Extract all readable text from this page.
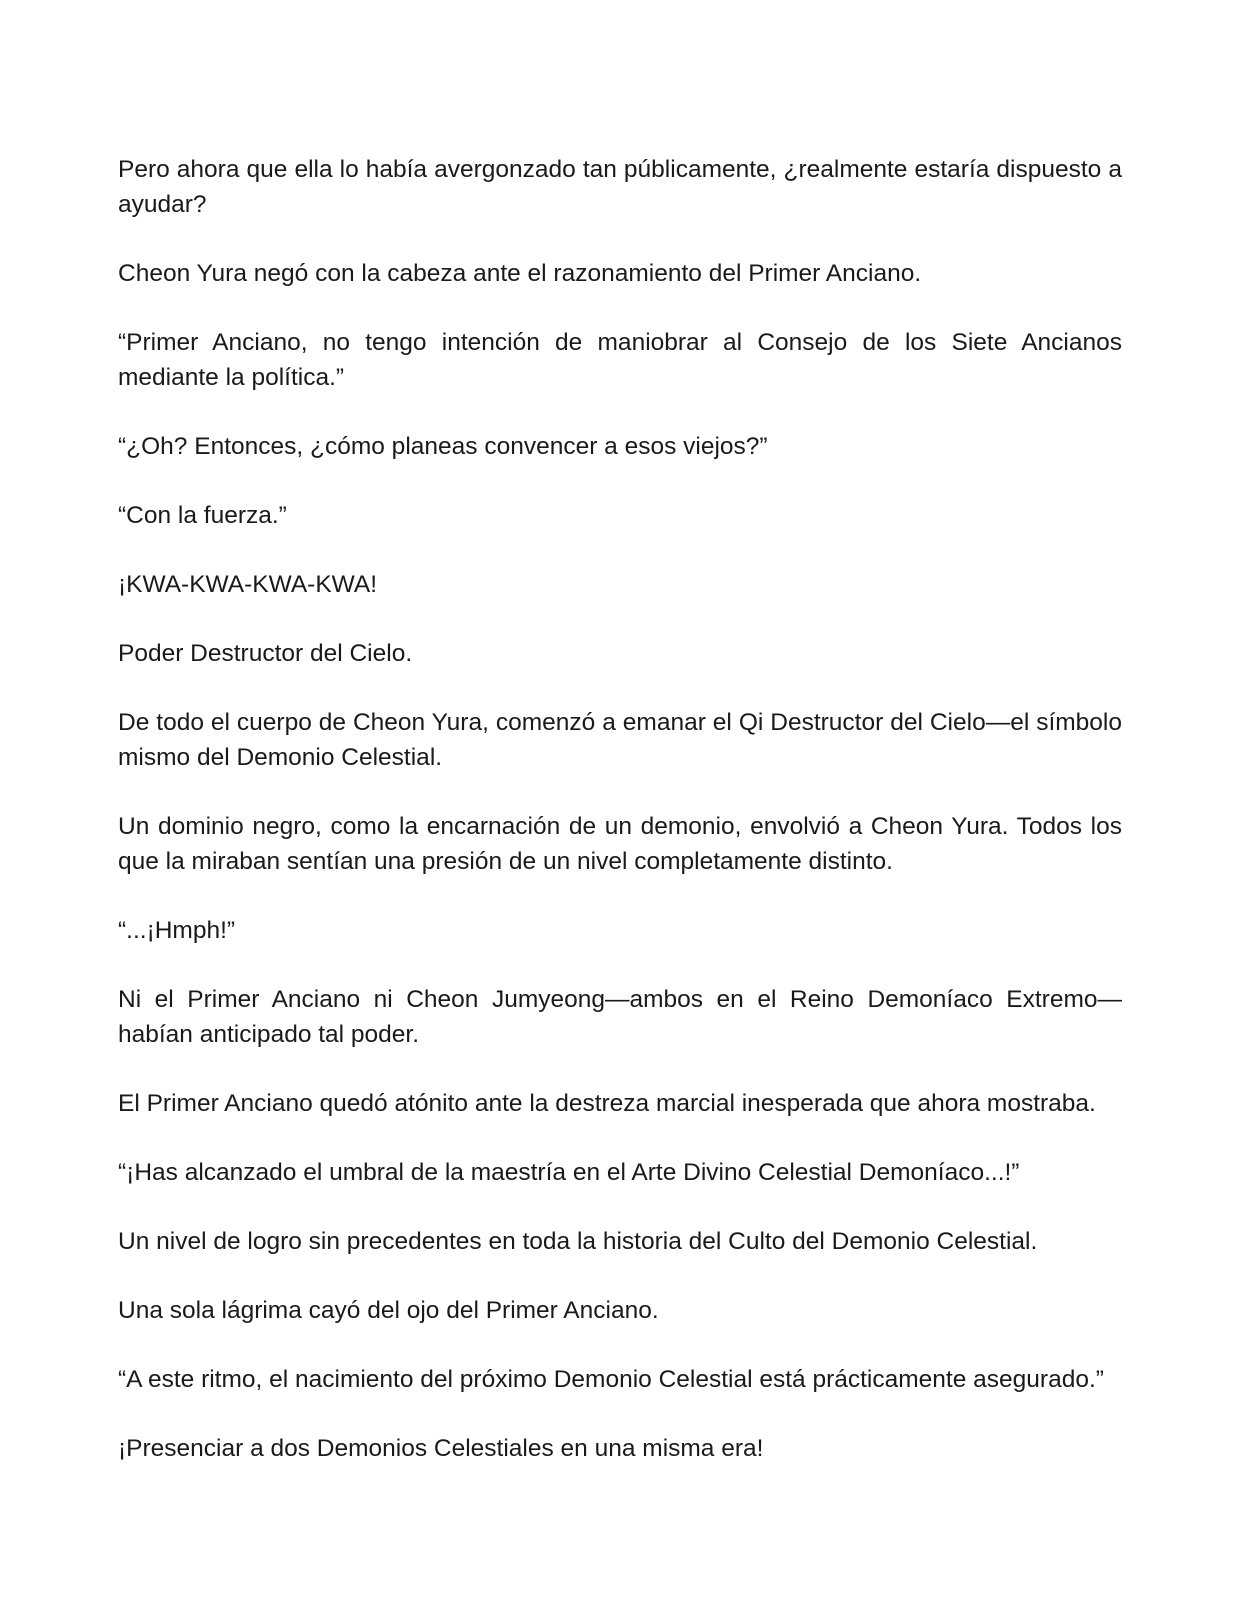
Pero ahora que ella lo había avergonzado tan públicamente, ¿realmente estaría dispuesto a ayudar?

Cheon Yura negó con la cabeza ante el razonamiento del Primer Anciano.

“Primer Anciano, no tengo intención de maniobrar al Consejo de los Siete Ancianos mediante la política.”

“¿Oh? Entonces, ¿cómo planeas convencer a esos viejos?”

“Con la fuerza.”

¡KWA-KWA-KWA-KWA!

Poder Destructor del Cielo.

De todo el cuerpo de Cheon Yura, comenzó a emanar el Qi Destructor del Cielo—el símbolo mismo del Demonio Celestial.

Un dominio negro, como la encarnación de un demonio, envolvió a Cheon Yura. Todos los que la miraban sentían una presión de un nivel completamente distinto.

“...¡Hmph!”

Ni el Primer Anciano ni Cheon Jumyeong—ambos en el Reino Demoníaco Extremo—habían anticipado tal poder.

El Primer Anciano quedó atónito ante la destreza marcial inesperada que ahora mostraba.

“¡Has alcanzado el umbral de la maestría en el Arte Divino Celestial Demoníaco...!”

Un nivel de logro sin precedentes en toda la historia del Culto del Demonio Celestial.

Una sola lágrima cayó del ojo del Primer Anciano.

“A este ritmo, el nacimiento del próximo Demonio Celestial está prácticamente asegurado.”

¡Presenciar a dos Demonios Celestiales en una misma era!
